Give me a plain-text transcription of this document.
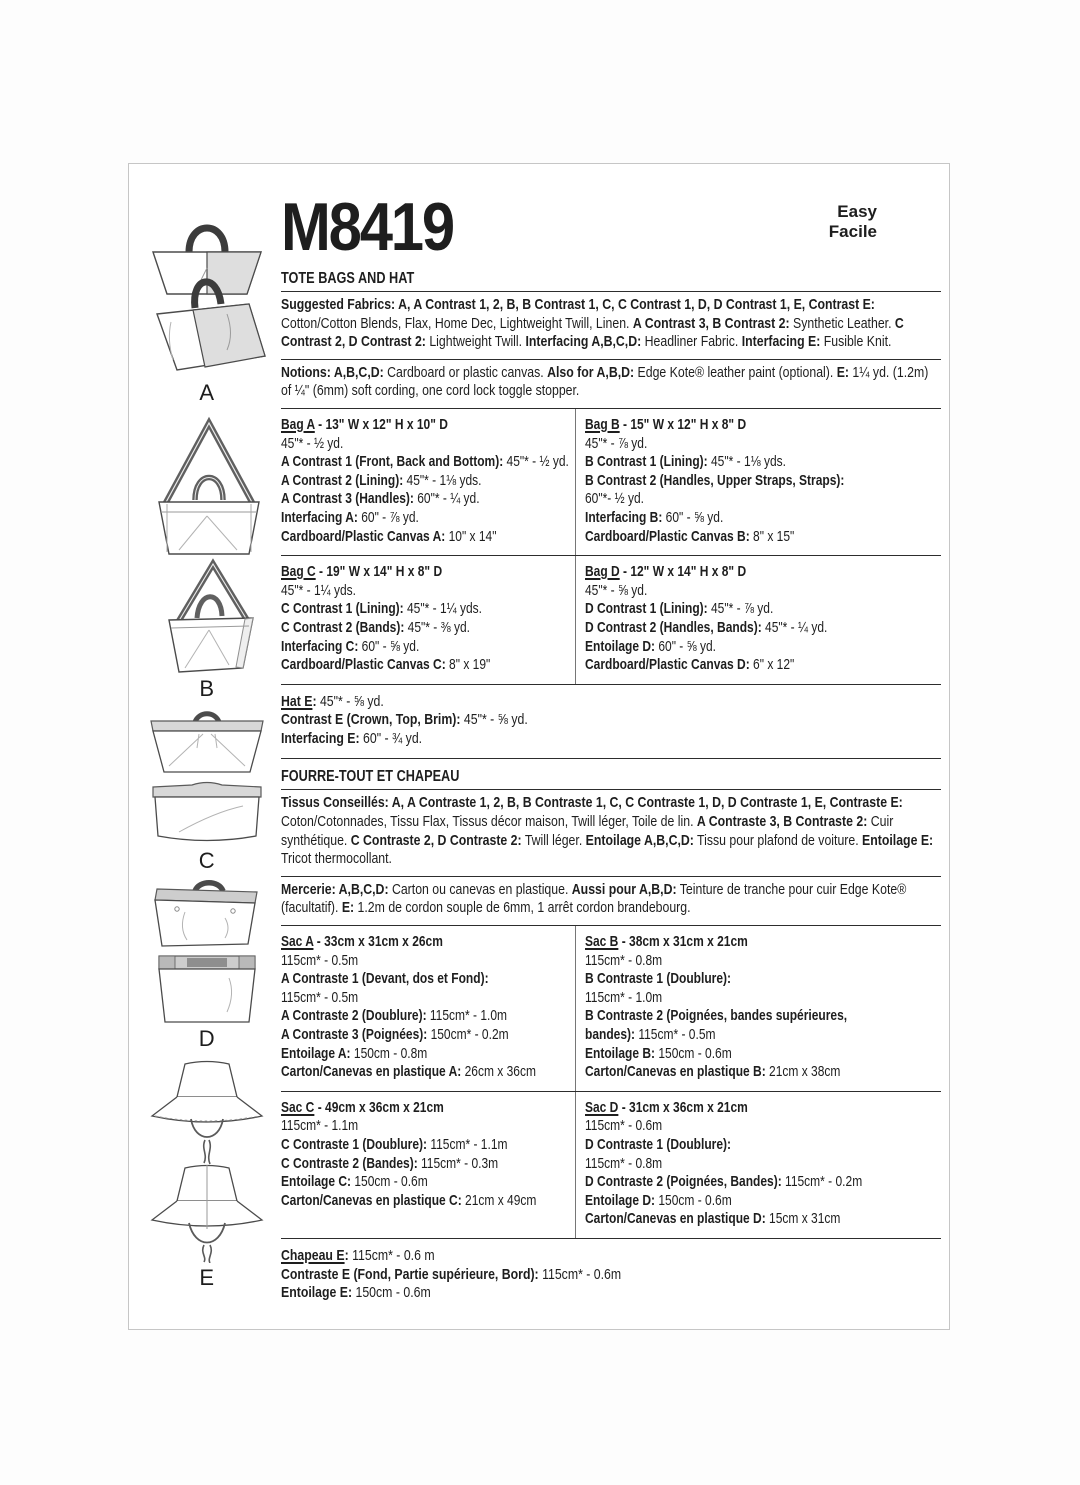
A
B
C
D
E
M8419	Easy
Facile
TOTE BAGS AND HAT
Suggested Fabrics: A, A Contrast 1, 2, B, B Contrast 1, C, C Contrast 1, D, D Contrast 1, E, Contrast E: Cotton/Cotton Blends, Flax, Home Dec, Lightweight Twill, Linen. A Contrast 3, B Contrast 2: Synthetic Leather. C Contrast 2, D Contrast 2: Lightweight Twill. Interfacing A,B,C,D: Headliner Fabric. Interfacing E: Fusible Knit.
Notions: A,B,C,D: Cardboard or plastic canvas. Also for A,B,D: Edge Kote® leather paint (optional). E: 1¼ yd. (1.2m) of ¼" (6mm) soft cording, one cord lock toggle stopper.
Bag A - 13" W x 12" H x 10" D
45"* - ½ yd.
A Contrast 1 (Front, Back and Bottom): 45"* - ½ yd.
A Contrast 2 (Lining): 45"* - 1⅛ yds.
A Contrast 3 (Handles): 60"* - ¼ yd.
Interfacing A: 60" - ⅞ yd.
Cardboard/Plastic Canvas A: 10" x 14"
Bag B - 15" W x 12" H x 8" D
45"* - ⅞ yd.
B Contrast 1 (Lining): 45"* - 1⅛ yds.
B Contrast 2 (Handles, Upper Straps, Straps):
60"*- ½ yd.
Interfacing B: 60" - ⅝ yd.
Cardboard/Plastic Canvas B: 8" x 15"
Bag C - 19" W x 14" H x 8" D
45"* - 1¼ yds.
C Contrast 1 (Lining): 45"* - 1¼ yds.
C Contrast 2 (Bands): 45"* - ⅜ yd.
Interfacing C: 60" - ⅝ yd.
Cardboard/Plastic Canvas C: 8" x 19"
Bag D - 12" W x 14" H x 8" D
45"* - ⅝ yd.
D Contrast 1 (Lining): 45"* - ⅞ yd.
D Contrast 2 (Handles, Bands): 45"* - ¼ yd.
Entoilage D: 60" - ⅝ yd.
Cardboard/Plastic Canvas D: 6" x 12"
Hat E: 45"* - ⅝ yd.
Contrast E (Crown, Top, Brim): 45"* - ⅝ yd.
Interfacing E: 60" - ¾ yd.
FOURRE-TOUT ET CHAPEAU
Tissus Conseillés: A, A Contraste 1, 2, B, B Contraste 1, C, C Contraste 1, D, D Contraste 1, E, Contraste E: Coton/Cotonnades, Tissu Flax, Tissus décor maison, Twill léger, Toile de lin. A Contraste 3, B Contraste 2: Cuir synthétique. C Contraste 2, D Contraste 2: Twill léger. Entoilage A,B,C,D: Tissu pour plafond de voiture. Entoilage E: Tricot thermocollant.
Mercerie: A,B,C,D: Carton ou canevas en plastique. Aussi pour A,B,D: Teinture de tranche pour cuir Edge Kote® (facultatif). E: 1.2m de cordon souple de 6mm, 1 arrêt cordon brandebourg.
Sac A - 33cm x 31cm x 26cm
115cm* - 0.5m
A Contraste 1 (Devant, dos et Fond):
115cm* - 0.5m
A Contraste 2 (Doublure): 115cm* - 1.0m
A Contraste 3 (Poignées): 150cm* - 0.2m
Entoilage A: 150cm - 0.8m
Carton/Canevas en plastique A: 26cm x 36cm
Sac B - 38cm x 31cm x 21cm
115cm* - 0.8m
B Contraste 1 (Doublure):
115cm* - 1.0m
B Contraste 2 (Poignées, bandes supérieures,
bandes): 115cm* - 0.5m
Entoilage B: 150cm - 0.6m
Carton/Canevas en plastique B: 21cm x 38cm
Sac C - 49cm x 36cm x 21cm
115cm* - 1.1m
C Contraste 1 (Doublure): 115cm* - 1.1m
C Contraste 2 (Bandes): 115cm* - 0.3m
Entoilage C: 150cm - 0.6m
Carton/Canevas en plastique C: 21cm x 49cm
Sac D - 31cm x 36cm x 21cm
115cm* - 0.6m
D Contraste 1 (Doublure):
115cm* - 0.8m
D Contraste 2 (Poignées, Bandes): 115cm* - 0.2m
Entoilage D: 150cm - 0.6m
Carton/Canevas en plastique D: 15cm x 31cm
Chapeau E: 115cm* - 0.6 m
Contraste E (Fond, Partie supérieure, Bord): 115cm* - 0.6m
Entoilage E: 150cm - 0.6m
